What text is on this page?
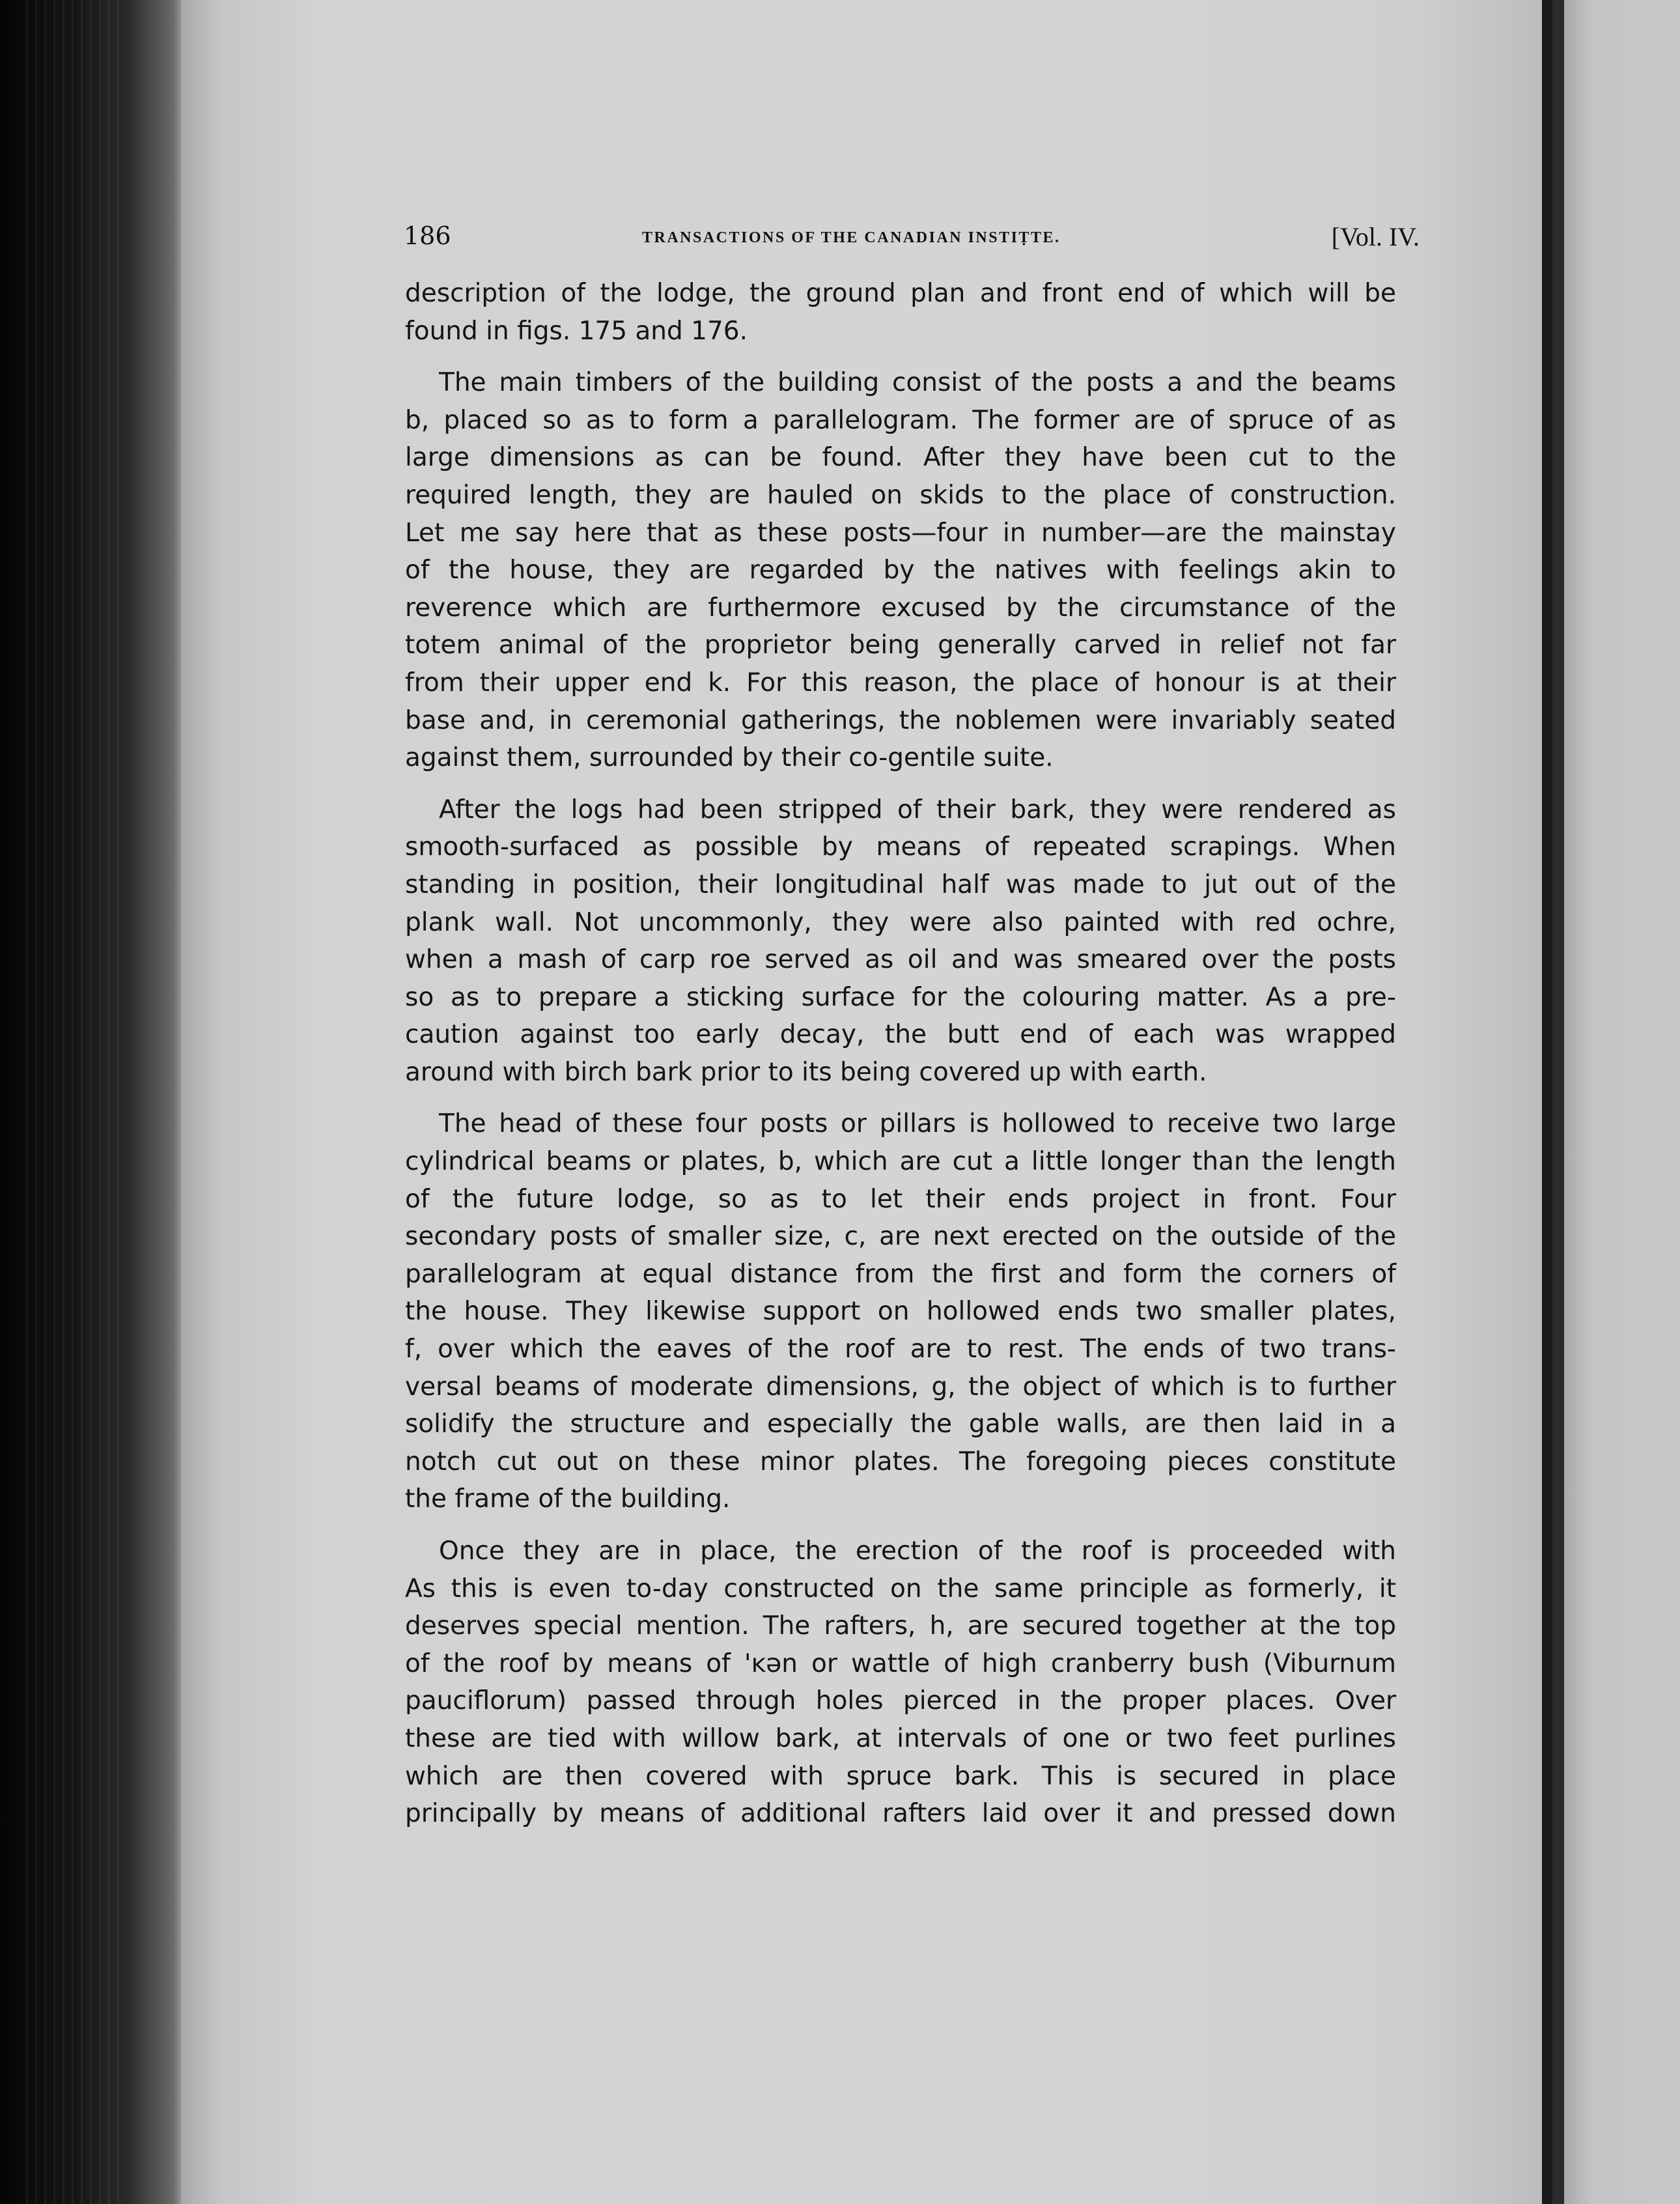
186	TRANSACTIONS OF THE CANADIAN INSTIṬTE.	[Vol. IV.

description of the lodge, the ground plan and front end of which will be
found in figs. 175 and 176.

The main timbers of the building consist of the posts a and the beams
b, placed so as to form a parallelogram. The former are of spruce of as
large dimensions as can be found. After they have been cut to the
required length, they are hauled on skids to the place of construction.
Let me say here that as these posts—four in number—are the mainstay
of the house, they are regarded by the natives with feelings akin to
reverence which are furthermore excused by the circumstance of the
totem animal of the proprietor being generally carved in relief not far
from their upper end k. For this reason, the place of honour is at their
base and, in ceremonial gatherings, the noblemen were invariably seated
against them, surrounded by their co-gentile suite.

After the logs had been stripped of their bark, they were rendered as
smooth-surfaced as possible by means of repeated scrapings. When
standing in position, their longitudinal half was made to jut out of the
plank wall. Not uncommonly, they were also painted with red ochre,
when a mash of carp roe served as oil and was smeared over the posts
so as to prepare a sticking surface for the colouring matter. As a pre-
caution against too early decay, the butt end of each was wrapped
around with birch bark prior to its being covered up with earth.

The head of these four posts or pillars is hollowed to receive two large
cylindrical beams or plates, b, which are cut a little longer than the length
of the future lodge, so as to let their ends project in front. Four
secondary posts of smaller size, c, are next erected on the outside of the
parallelogram at equal distance from the first and form the corners of
the house. They likewise support on hollowed ends two smaller plates,
f, over which the eaves of the roof are to rest. The ends of two trans-
versal beams of moderate dimensions, g, the object of which is to further
solidify the structure and especially the gable walls, are then laid in a
notch cut out on these minor plates. The foregoing pieces constitute
the frame of the building.

Once they are in place, the erection of the roof is proceeded with
As this is even to-day constructed on the same principle as formerly, it
deserves special mention. The rafters, h, are secured together at the top
of the roof by means of 'ĸən or wattle of high cranberry bush (Viburnum
pauciflorum) passed through holes pierced in the proper places. Over
these are tied with willow bark, at intervals of one or two feet purlines
which are then covered with spruce bark. This is secured in place
principally by means of additional rafters laid over it and pressed down
